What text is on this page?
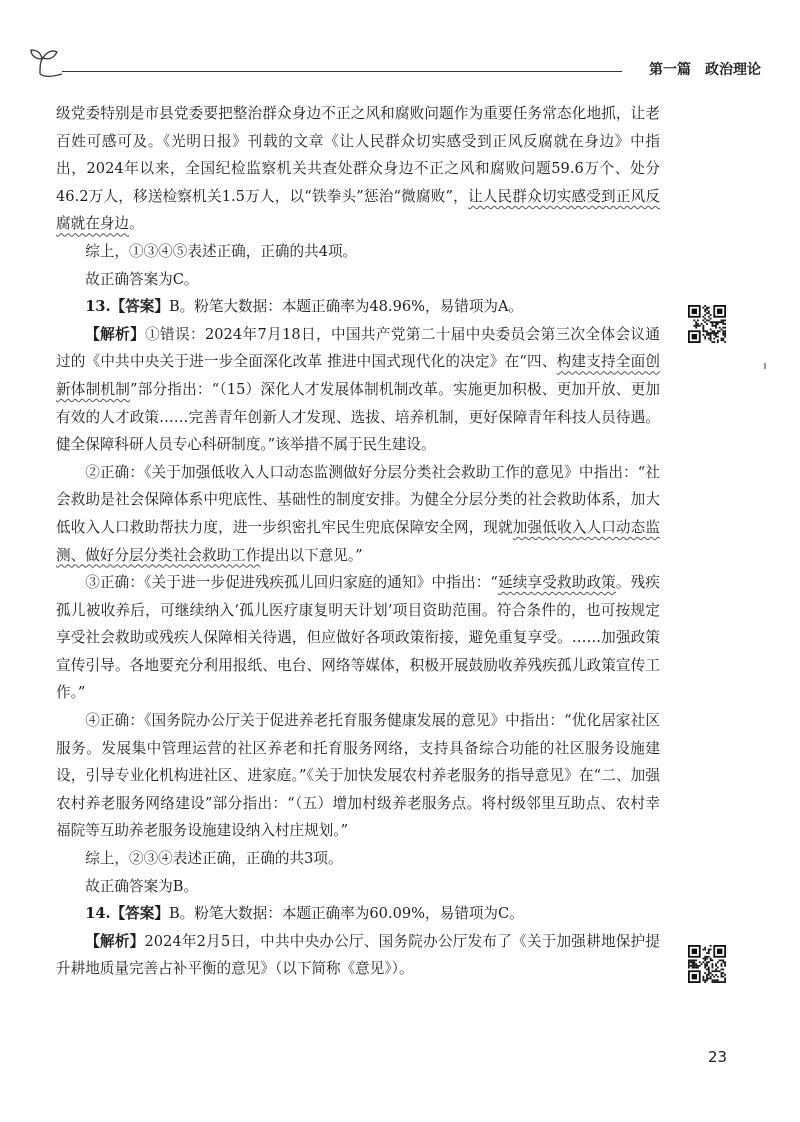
第一篇　政治理论

级党委特别是市县党委要把整治群众身边不正之风和腐败问题作为重要任务常态化地抓，让老百姓可感可及。《光明日报》刊载的文章《让人民群众切实感受到正风反腐就在身边》中指出，2024年以来，全国纪检监察机关共查处群众身边不正之风和腐败问题59.6万个、处分46.2万人，移送检察机关1.5万人，以“铁拳头”惩治“微腐败”，让人民群众切实感受到正风反腐就在身边。

综上，①③④⑤表述正确，正确的共4项。

故正确答案为C。

13.【答案】B。粉笔大数据：本题正确率为48.96%，易错项为A。

【解析】①错误：2024年7月18日，中国共产党第二十届中央委员会第三次全体会议通过的《中共中央关于进一步全面深化改革 推进中国式现代化的决定》在“四、构建支持全面创新体制机制”部分指出：“（15）深化人才发展体制机制改革。实施更加积极、更加开放、更加有效的人才政策……完善青年创新人才发现、选拔、培养机制，更好保障青年科技人员待遇。健全保障科研人员专心科研制度。”该举措不属于民生建设。

②正确：《关于加强低收入人口动态监测做好分层分类社会救助工作的意见》中指出：“社会救助是社会保障体系中兜底性、基础性的制度安排。为健全分层分类的社会救助体系，加大低收入人口救助帮扶力度，进一步织密扎牢民生兜底保障安全网，现就加强低收入人口动态监测、做好分层分类社会救助工作提出以下意见。”

③正确：《关于进一步促进残疾孤儿回归家庭的通知》中指出：“延续享受救助政策。残疾孤儿被收养后，可继续纳入‘孤儿医疗康复明天计划’项目资助范围。符合条件的，也可按规定享受社会救助或残疾人保障相关待遇，但应做好各项政策衔接，避免重复享受。……加强政策宣传引导。各地要充分利用报纸、电台、网络等媒体，积极开展鼓励收养残疾孤儿政策宣传工作。”

④正确：《国务院办公厅关于促进养老托育服务健康发展的意见》中指出：“优化居家社区服务。发展集中管理运营的社区养老和托育服务网络，支持具备综合功能的社区服务设施建设，引导专业化机构进社区、进家庭。”《关于加快发展农村养老服务的指导意见》在“二、加强农村养老服务网络建设”部分指出：“（五）增加村级养老服务点。将村级邻里互助点、农村幸福院等互助养老服务设施建设纳入村庄规划。”

综上，②③④表述正确，正确的共3项。

故正确答案为B。

14.【答案】B。粉笔大数据：本题正确率为60.09%，易错项为C。

【解析】2024年2月5日，中共中央办公厅、国务院办公厅发布了《关于加强耕地保护提升耕地质量完善占补平衡的意见》（以下简称《意见》）。

23
